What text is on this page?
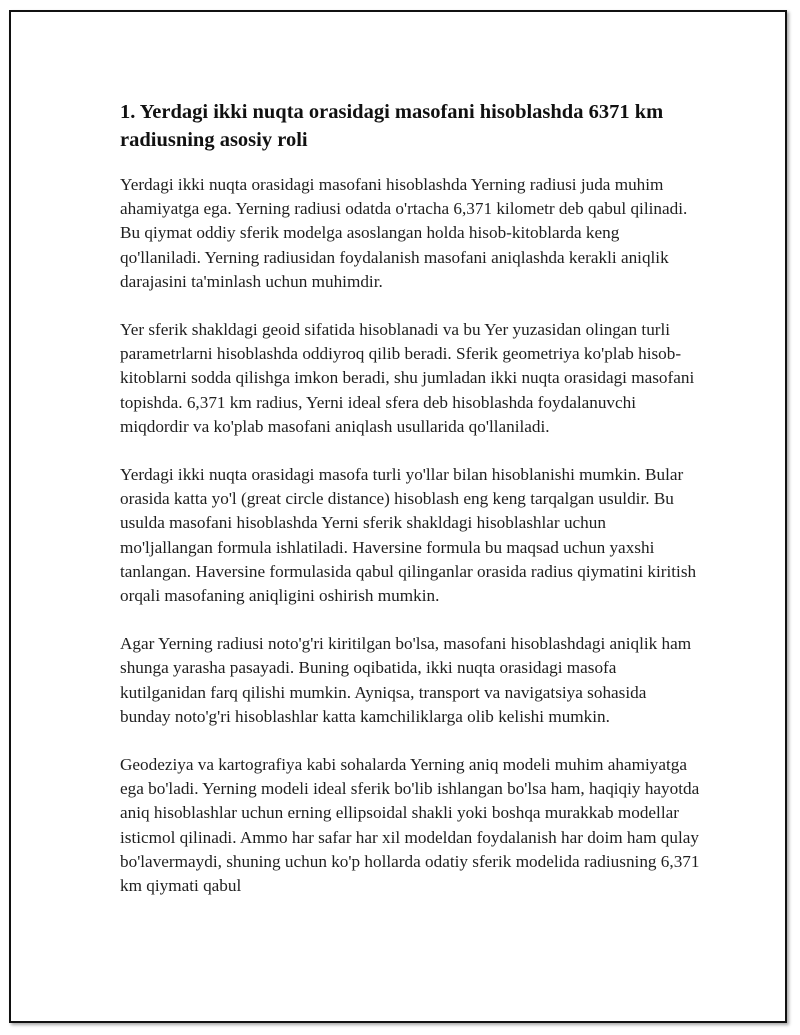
1. Yerdagi ikki nuqta orasidagi masofani hisoblashda 6371 km radiusning asosiy roli

Yerdagi ikki nuqta orasidagi masofani hisoblashda Yerning radiusi juda muhim ahamiyatga ega. Yerning radiusi odatda o'rtacha 6,371 kilometr deb qabul qilinadi. Bu qiymat oddiy sferik modelga asoslangan holda hisob-kitoblarda keng qo'llaniladi. Yerning radiusidan foydalanish masofani aniqlashda kerakli aniqlik darajasini ta'minlash uchun muhimdir.

Yer sferik shakldagi geoid sifatida hisoblanadi va bu Yer yuzasidan olingan turli parametrlarni hisoblashda oddiyroq qilib beradi. Sferik geometriya ko'plab hisob-kitoblarni sodda qilishga imkon beradi, shu jumladan ikki nuqta orasidagi masofani topishda. 6,371 km radius, Yerni ideal sfera deb hisoblashda foydalanuvchi miqdordir va ko'plab masofani aniqlash usullarida qo'llaniladi.

Yerdagi ikki nuqta orasidagi masofa turli yo'llar bilan hisoblanishi mumkin. Bular orasida katta yo'l (great circle distance) hisoblash eng keng tarqalgan usuldir. Bu usulda masofani hisoblashda Yerni sferik shakldagi hisoblashlar uchun mo'ljallangan formula ishlatiladi. Haversine formula bu maqsad uchun yaxshi tanlangan. Haversine formulasida qabul qilinganlar orasida radius qiymatini kiritish orqali masofaning aniqligini oshirish mumkin.

Agar Yerning radiusi noto'g'ri kiritilgan bo'lsa, masofani hisoblashdagi aniqlik ham shunga yarasha pasayadi. Buning oqibatida, ikki nuqta orasidagi masofa kutilganidan farq qilishi mumkin. Ayniqsa, transport va navigatsiya sohasida bunday noto'g'ri hisoblashlar katta kamchiliklarga olib kelishi mumkin.

Geodeziya va kartografiya kabi sohalarda Yerning aniq modeli muhim ahamiyatga ega bo'ladi. Yerning modeli ideal sferik bo'lib ishlangan bo'lsa ham, haqiqiy hayotda aniq hisoblashlar uchun erning ellipsoidal shakli yoki boshqa murakkab modellar isticmol qilinadi. Ammo har safar har xil modeldan foydalanish har doim ham qulay bo'lavermaydi, shuning uchun ko'p hollarda odatiy sferik modelida radiusning 6,371 km qiymati qabul
